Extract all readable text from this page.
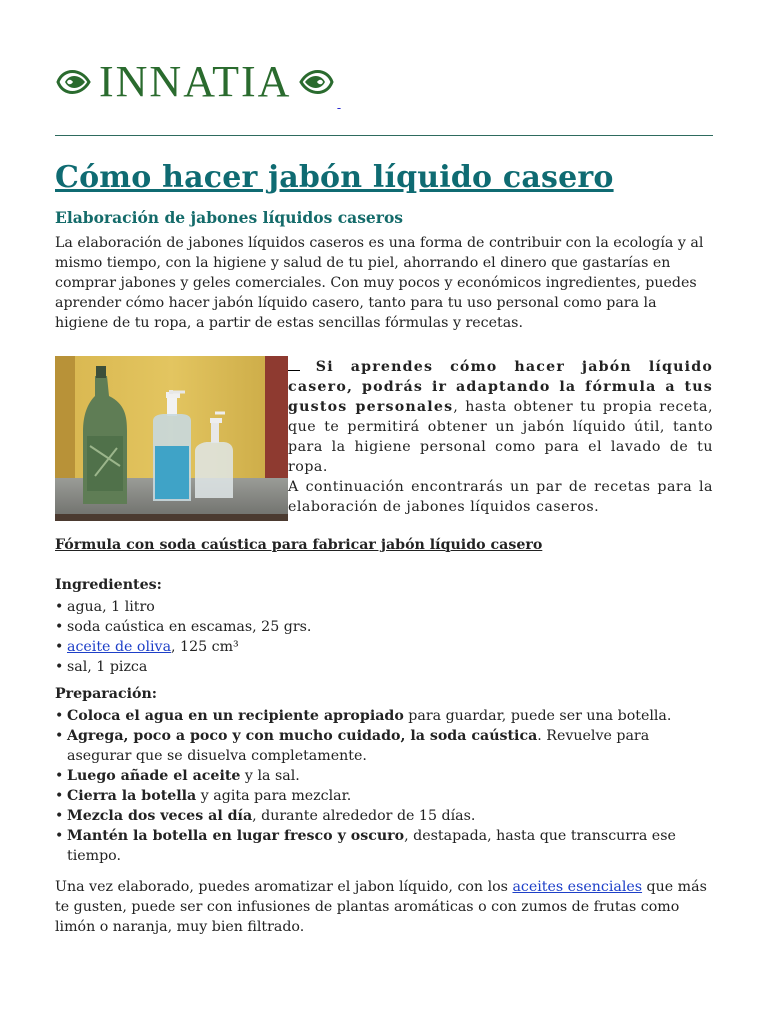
INNATIA

Cómo hacer jabón líquido casero
Elaboración de jabones líquidos caseros

La elaboración de jabones líquidos caseros es una forma de contribuir con la ecología y al mismo tiempo, con la higiene y salud de tu piel, ahorrando el dinero que gastarías en comprar jabones y geles comerciales. Con muy pocos y económicos ingredientes, puedes aprender cómo hacer jabón líquido casero, tanto para tu uso personal como para la higiene de tu ropa, a partir de estas sencillas fórmulas y recetas.

Si aprendes cómo hacer jabón líquido casero, podrás ir adaptando la fórmula a tus gustos personales, hasta obtener tu propia receta, que te permitirá obtener un jabón líquido útil, tanto para la higiene personal como para el lavado de tu ropa.

A continuación encontrarás un par de recetas para la elaboración de jabones líquidos caseros.

Fórmula con soda caústica para fabricar jabón líquido casero

Ingredientes:

• agua, 1 litro
• soda caústica en escamas, 25 grs.
• aceite de oliva, 125 cm³
• sal, 1 pizca

Preparación:

• Coloca el agua en un recipiente apropiado para guardar, puede ser una botella.
• Agrega, poco a poco y con mucho cuidado, la soda caústica. Revuelve para asegurar que se disuelva completamente.
• Luego añade el aceite y la sal.
• Cierra la botella y agita para mezclar.
• Mezcla dos veces al día, durante alrededor de 15 días.
• Mantén la botella en lugar fresco y oscuro, destapada, hasta que transcurra ese tiempo.

Una vez elaborado, puedes aromatizar el jabon líquido, con los aceites esenciales que más te gusten, puede ser con infusiones de plantas aromáticas o con zumos de frutas como limón o naranja, muy bien filtrado.
